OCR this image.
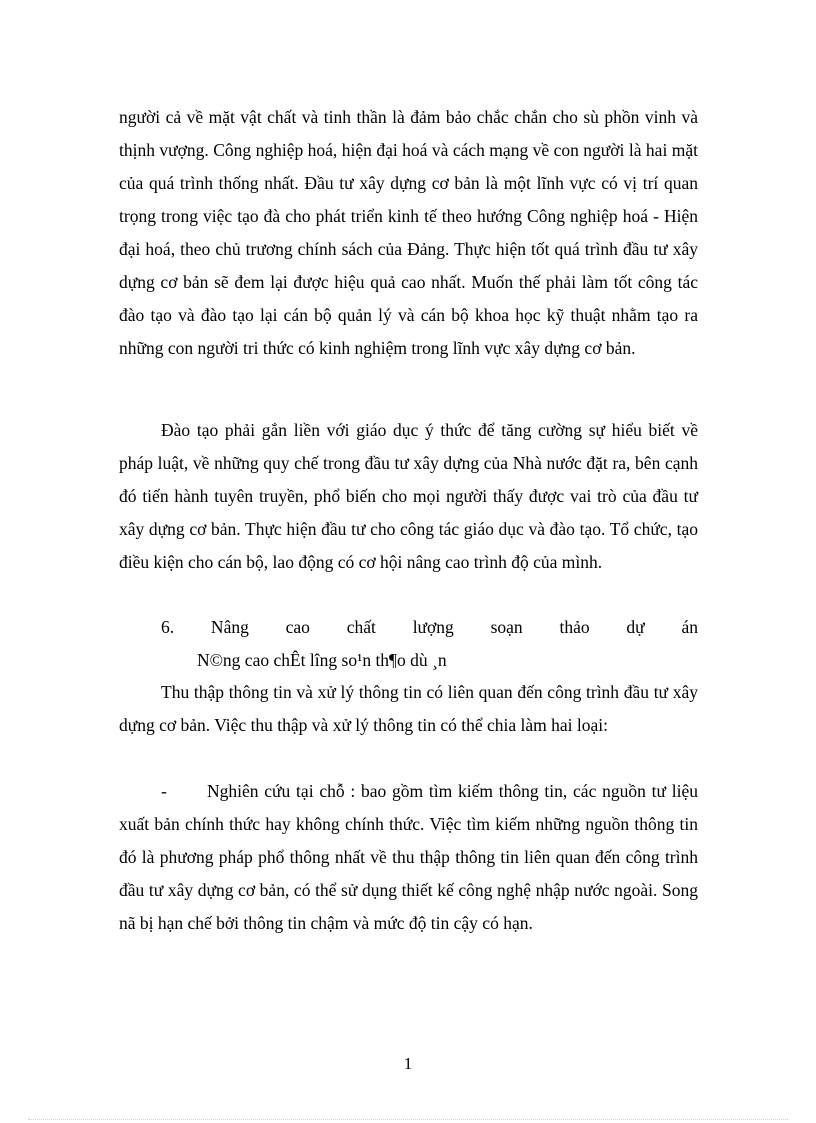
người cả về mặt vật chất và tinh thần là đảm bảo chắc chắn cho sù phồn vinh và thịnh vượng. Công nghiệp hoá, hiện đại hoá và cách mạng về con người là hai mặt của quá trình thống nhất. Đầu tư xây dựng cơ bản là một lĩnh vực có vị trí quan trọng trong việc tạo đà cho phát triển kinh tế theo hướng Công nghiệp hoá - Hiện đại hoá, theo chủ trương chính sách của Đảng. Thực hiện tốt quá trình đầu tư xây dựng cơ bản sẽ đem lại được hiệu quả cao nhất. Muốn thế phải làm tốt công tác đào tạo và đào tạo lại cán bộ quản lý và cán bộ khoa học kỹ thuật nhằm tạo ra những con người tri thức có kinh nghiệm trong lĩnh vực xây dựng cơ bản.

Đào tạo phải gắn liền với giáo dục ý thức để tăng cường sự hiểu biết về pháp luật, về những quy chế trong đầu tư xây dựng của Nhà nước đặt ra, bên cạnh đó tiến hành tuyên truyền, phổ biến cho mọi người thấy được vai trò của đầu tư xây dựng cơ bản. Thực hiện đầu tư cho công tác giáo dục và đào tạo. Tổ chức, tạo điều kiện cho cán bộ, lao động có cơ hội nâng cao trình độ của mình.

6. Nâng cao chất lượng soạn thảo dự ánN©ng cao chÊt lîng so¹n th¶o dù ¸n

Thu thập thông tin và xử lý thông tin có liên quan đến công trình đầu tư xây dựng cơ bản. Việc thu thập và xử lý thông tin có thể chia làm hai loại:

- Nghiên cứu tại chỗ : bao gồm tìm kiếm thông tin, các nguồn tư liệu xuất bản chính thức hay không chính thức. Việc tìm kiếm những nguồn thông tin đó là phương pháp phổ thông nhất về thu thập thông tin liên quan đến công trình đầu tư xây dựng cơ bản, có thể sử dụng thiết kế công nghệ nhập nước ngoài. Song nã bị hạn chế bởi thông tin chậm và mức độ tin cậy có hạn.

1
